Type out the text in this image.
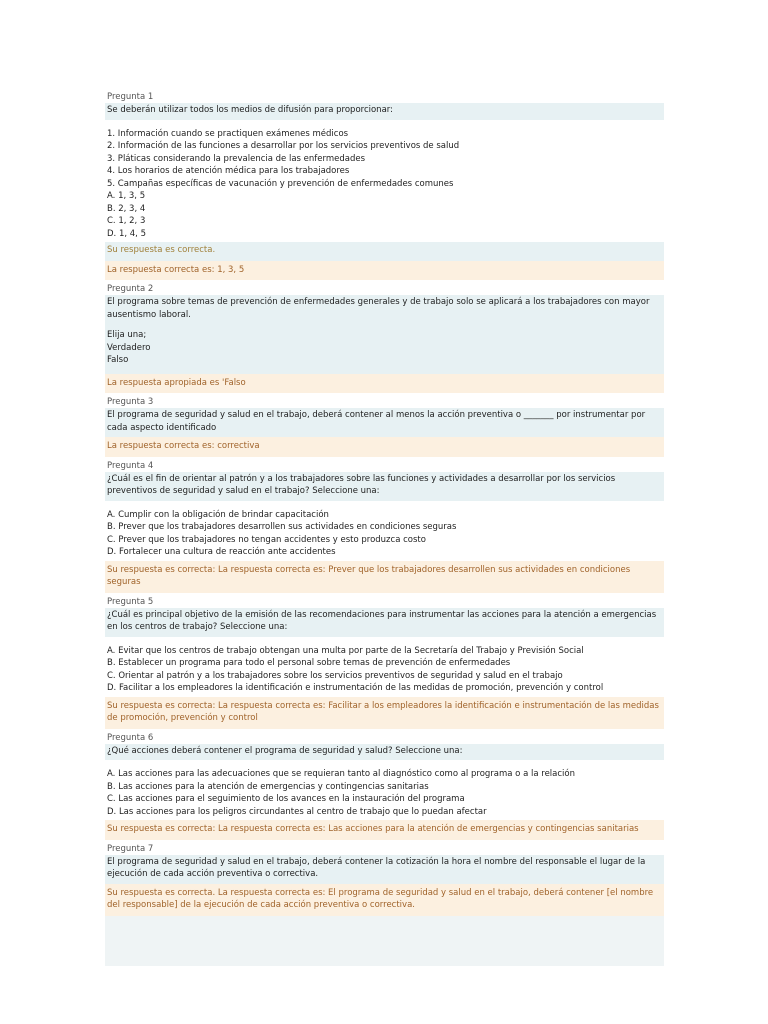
Pregunta 1
Se deberán utilizar todos los medios de difusión para proporcionar:
1. Información cuando se practiquen exámenes médicos
2. Información de las funciones a desarrollar por los servicios preventivos de salud
3. Pláticas considerando la prevalencia de las enfermedades
4. Los horarios de atención médica para los trabajadores
5. Campañas específicas de vacunación y prevención de enfermedades comunes
A. 1, 3, 5
B. 2, 3, 4
C. 1, 2, 3
D. 1, 4, 5
Su respuesta es correcta.
La respuesta correcta es: 1, 3, 5
Pregunta 2
El programa sobre temas de prevención de enfermedades generales y de trabajo solo se aplicará a los trabajadores con mayor ausentismo laboral.
Elija una;
Verdadero
Falso
La respuesta apropiada es 'Falso
Pregunta 3
El programa de seguridad y salud en el trabajo, deberá contener al menos la acción preventiva o _______ por instrumentar por cada aspecto identificado
La respuesta correcta es: correctiva
Pregunta 4
¿Cuál es el fin de orientar al patrón y a los trabajadores sobre las funciones y actividades a desarrollar por los servicios preventivos de seguridad y salud en el trabajo? Seleccione una:
A. Cumplir con la obligación de brindar capacitación
B. Prever que los trabajadores desarrollen sus actividades en condiciones seguras
C. Prever que los trabajadores no tengan accidentes y esto produzca costo
D. Fortalecer una cultura de reacción ante accidentes
Su respuesta es correcta: La respuesta correcta es: Prever que los trabajadores desarrollen sus actividades en condiciones seguras
Pregunta 5
¿Cuál es principal objetivo de la emisión de las recomendaciones para instrumentar las acciones para la atención a emergencias en los centros de trabajo? Seleccione una:
A. Evitar que los centros de trabajo obtengan una multa por parte de la Secretaría del Trabajo y Previsión Social
B. Establecer un programa para todo el personal sobre temas de prevención de enfermedades
C. Orientar al patrón y a los trabajadores sobre los servicios preventivos de seguridad y salud en el trabajo
D. Facilitar a los empleadores la identificación e instrumentación de las medidas de promoción, prevención y control
Su respuesta es correcta: La respuesta correcta es: Facilitar a los empleadores la identificación e instrumentación de las medidas de promoción, prevención y control
Pregunta 6
¿Qué acciones deberá contener el programa de seguridad y salud? Seleccione una:
A. Las acciones para las adecuaciones que se requieran tanto al diagnóstico como al programa o a la relación
B. Las acciones para la atención de emergencias y contingencias sanitarias
C. Las acciones para el seguimiento de los avances en la instauración del programa
D. Las acciones para los peligros circundantes al centro de trabajo que lo puedan afectar
Su respuesta es correcta: La respuesta correcta es: Las acciones para la atención de emergencias y contingencias sanitarias
Pregunta 7
El programa de seguridad y salud en el trabajo, deberá contener la cotización la hora el nombre del responsable el lugar de la ejecución de cada acción preventiva o correctiva.
Su respuesta es correcta. La respuesta correcta es: El programa de seguridad y salud en el trabajo, deberá contener [el nombre del responsable] de la ejecución de cada acción preventiva o correctiva.
